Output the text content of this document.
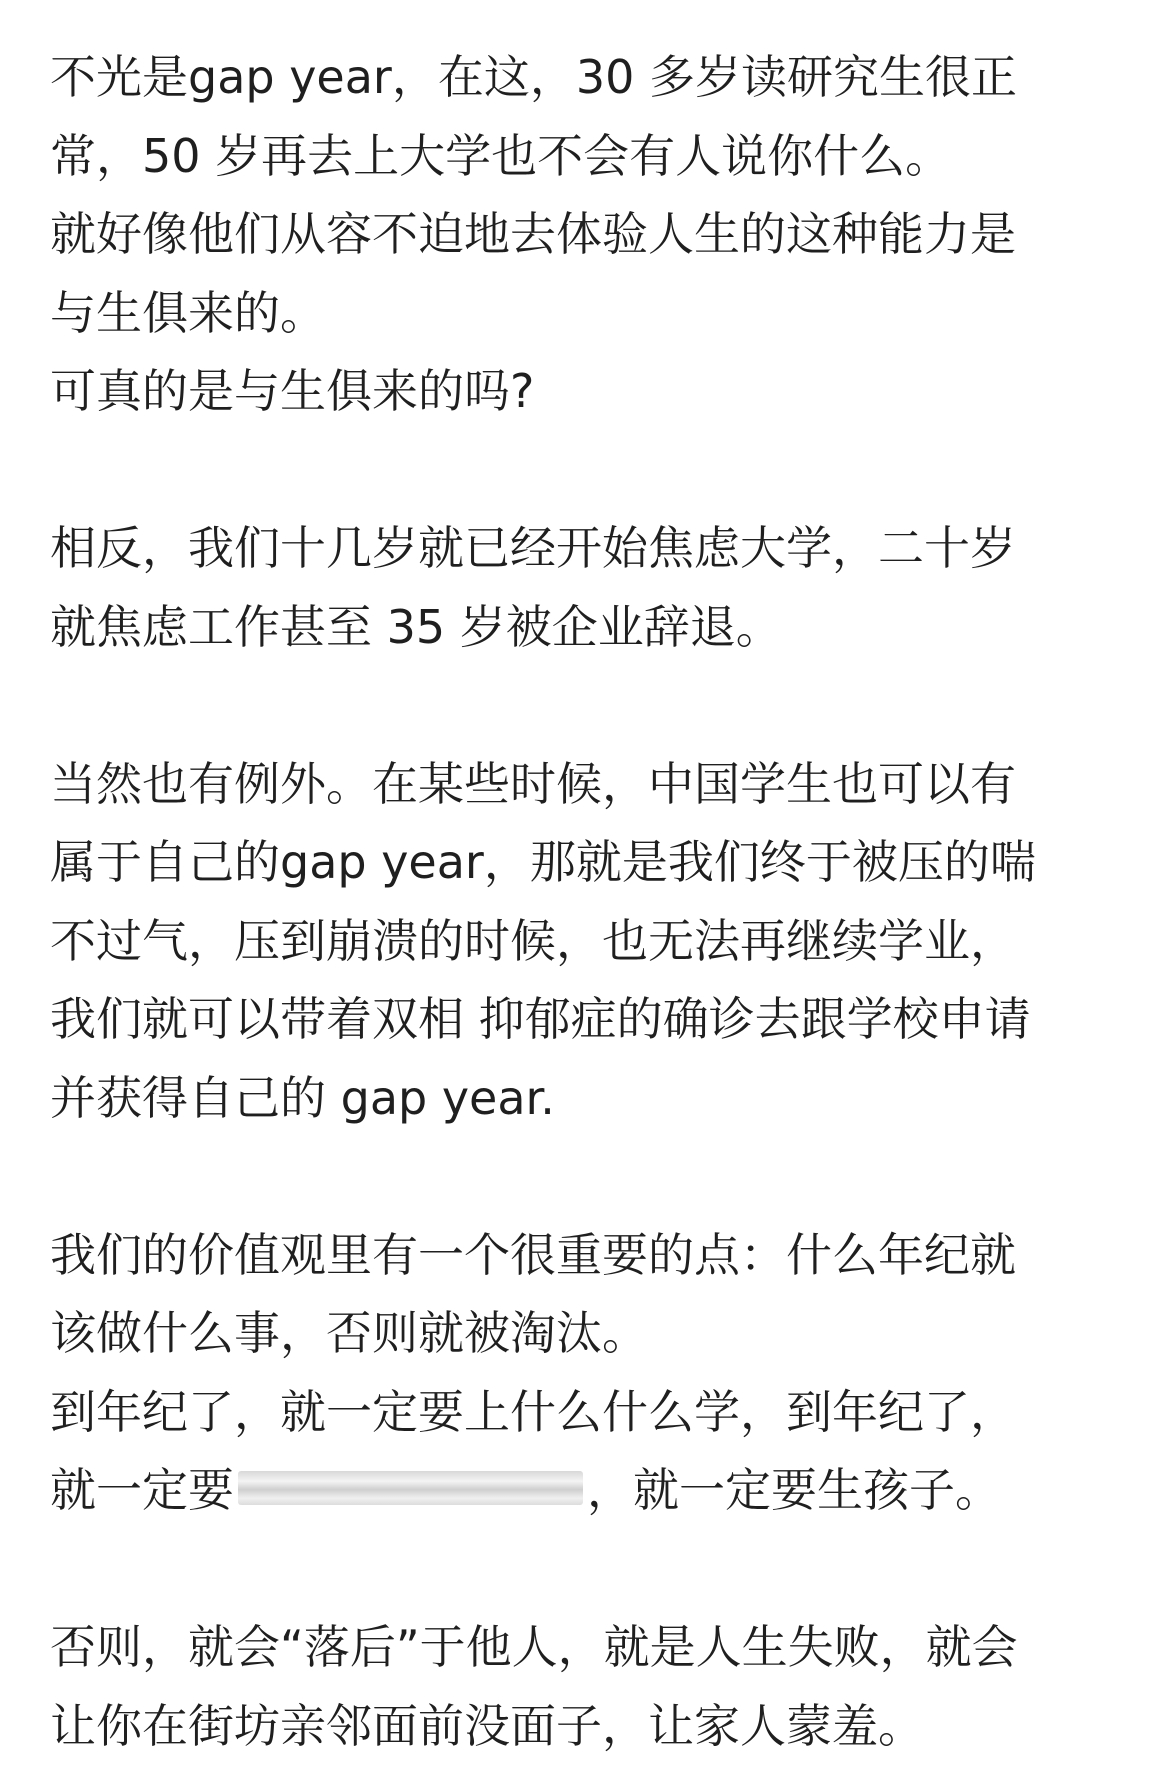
不光是gap year，在这，30 多岁读研究生很正
常，50 岁再去上大学也不会有人说你什么。
就好像他们从容不迫地去体验人生的这种能力是
与生俱来的。
可真的是与生俱来的吗?
相反，我们十几岁就已经开始焦虑大学，二十岁
就焦虑工作甚至 35 岁被企业辞退。
当然也有例外。在某些时候，中国学生也可以有
属于自己的gap year，那就是我们终于被压的喘
不过气，压到崩溃的时候，也无法再继续学业，
我们就可以带着双相 抑郁症的确诊去跟学校申请
并获得自己的 gap year.
我们的价值观里有一个很重要的点：什么年纪就
该做什么事，否则就被淘汰。
到年纪了，就一定要上什么什么学，到年纪了，
就一定要	，就一定要生孩子。
否则，就会“落后”于他人，就是人生失败，就会
让你在街坊亲邻面前没面子，让家人蒙羞。
